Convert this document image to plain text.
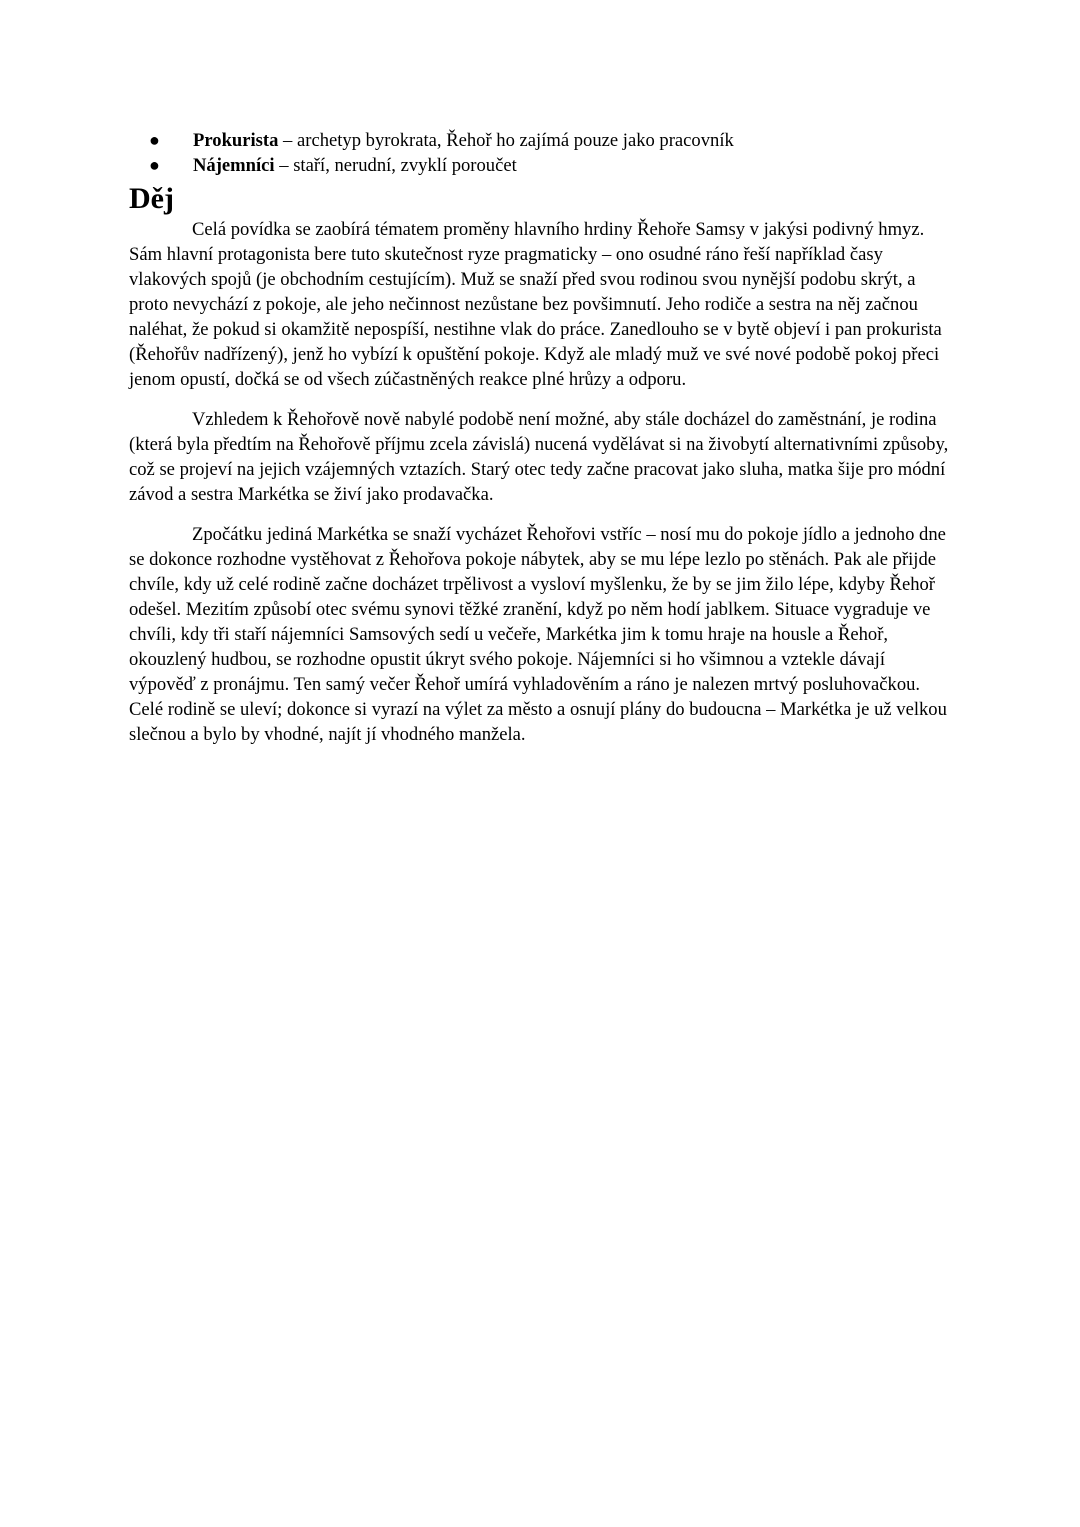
● Prokurista – archetyp byrokrata, Řehoř ho zajímá pouze jako pracovník
● Nájemníci – staří, nerudní, zvyklí poroučet
Děj

Celá povídka se zaobírá tématem proměny hlavního hrdiny Řehoře Samsy v jakýsi podivný hmyz. Sám hlavní protagonista bere tuto skutečnost ryze pragmaticky – ono osudné ráno řeší například časy vlakových spojů (je obchodním cestujícím). Muž se snaží před svou rodinou svou nynější podobu skrýt, a proto nevychází z pokoje, ale jeho nečinnost nezůstane bez povšimnutí. Jeho rodiče a sestra na něj začnou naléhat, že pokud si okamžitě nepospíší, nestihne vlak do práce. Zanedlouho se v bytě objeví i pan prokurista (Řehořův nadřízený), jenž ho vybízí k opuštění pokoje. Když ale mladý muž ve své nové podobě pokoj přeci jenom opustí, dočká se od všech zúčastněných reakce plné hrůzy a odporu.

Vzhledem k Řehořově nově nabylé podobě není možné, aby stále docházel do zaměstnání, je rodina (která byla předtím na Řehořově příjmu zcela závislá) nucená vydělávat si na živobytí alternativními způsoby, což se projeví na jejich vzájemných vztazích. Starý otec tedy začne pracovat jako sluha, matka šije pro módní závod a sestra Markétka se živí jako prodavačka.

Zpočátku jediná Markétka se snaží vycházet Řehořovi vstříc – nosí mu do pokoje jídlo a jednoho dne se dokonce rozhodne vystěhovat z Řehořova pokoje nábytek, aby se mu lépe lezlo po stěnách. Pak ale přijde chvíle, kdy už celé rodině začne docházet trpělivost a vysloví myšlenku, že by se jim žilo lépe, kdyby Řehoř odešel. Mezitím způsobí otec svému synovi těžké zranění, když po něm hodí jablkem. Situace vygraduje ve chvíli, kdy tři staří nájemníci Samsových sedí u večeře, Markétka jim k tomu hraje na housle a Řehoř, okouzlený hudbou, se rozhodne opustit úkryt svého pokoje. Nájemníci si ho všimnou a vztekle dávají výpověď z pronájmu. Ten samý večer Řehoř umírá vyhladověním a ráno je nalezen mrtvý posluhovačkou. Celé rodině se uleví; dokonce si vyrazí na výlet za město a osnují plány do budoucna – Markétka je už velkou slečnou a bylo by vhodné, najít jí vhodného manžela.
